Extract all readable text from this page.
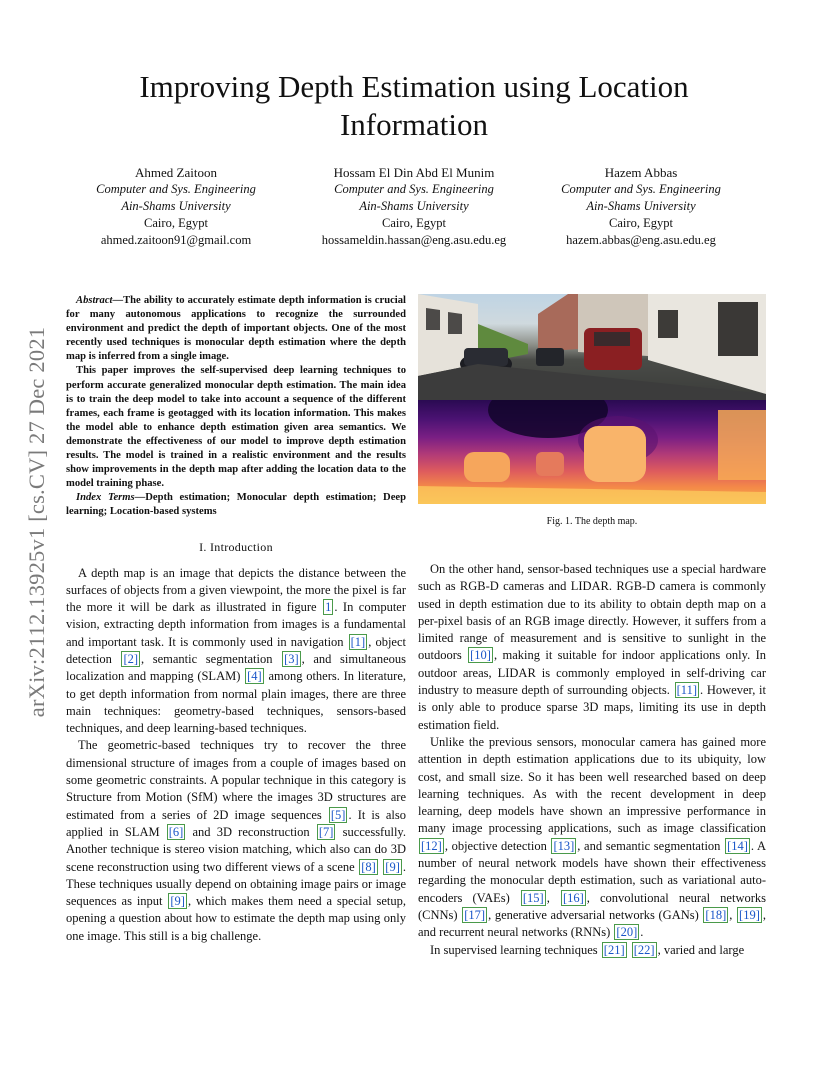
arXiv:2112.13925v1 [cs.CV] 27 Dec 2021
Improving Depth Estimation using Location Information
Ahmed Zaitoon
Computer and Sys. Engineering
Ain-Shams University
Cairo, Egypt
ahmed.zaitoon91@gmail.com
Hossam El Din Abd El Munim
Computer and Sys. Engineering
Ain-Shams University
Cairo, Egypt
hossameldin.hassan@eng.asu.edu.eg
Hazem Abbas
Computer and Sys. Engineering
Ain-Shams University
Cairo, Egypt
hazem.abbas@eng.asu.edu.eg

Abstract—The ability to accurately estimate depth information is crucial for many autonomous applications to recognize the surrounded environment and predict the depth of important objects. One of the most recently used techniques is monocular depth estimation where the depth map is inferred from a single image.

This paper improves the self-supervised deep learning techniques to perform accurate generalized monocular depth estimation. The main idea is to train the deep model to take into account a sequence of the different frames, each frame is geotagged with its location information. This makes the model able to enhance depth estimation given area semantics. We demonstrate the effectiveness of our model to improve depth estimation results. The model is trained in a realistic environment and the results show improvements in the depth map after adding the location data to the model training phase.

Index Terms—Depth estimation; Monocular depth estimation; Deep learning; Location-based systems

I. Introduction

A depth map is an image that depicts the distance between the surfaces of objects from a given viewpoint, the more the pixel is far the more it will be dark as illustrated in figure 1 . In computer vision, extracting depth information from images is a fundamental and important task. It is commonly used in navigation [1] , object detection [2] , semantic segmentation [3] , and simultaneous localization and mapping (SLAM) [4] among others. In literature, to get depth information from normal plain images, there are three main techniques: geometry-based techniques, sensors-based techniques, and deep learning-based techniques.

The geometric-based techniques try to recover the three dimensional structure of images from a couple of images based on some geometric constraints. A popular technique in this category is Structure from Motion (SfM) where the images 3D structures are estimated from a series of 2D image sequences [5] . It is also applied in SLAM [6] and 3D reconstruction [7] successfully. Another technique is stereo vision matching, which also can do 3D scene reconstruction using two different views of a scene [8] [9] . These techniques usually depend on obtaining image pairs or image sequences as input [9] , which makes them need a special setup, opening a question about how to estimate the depth map using only one image. This still is a big challenge.

Fig. 1. The depth map.

On the other hand, sensor-based techniques use a special hardware such as RGB-D cameras and LIDAR. RGB-D camera is commonly used in depth estimation due to its ability to obtain depth map on a per-pixel basis of an RGB image directly. However, it suffers from a limited range of measurement and is sensitive to sunlight in the outdoors [10] , making it suitable for indoor applications only. In outdoor areas, LIDAR is commonly employed in self-driving car industry to measure depth of surrounding objects. [11] . However, it is only able to produce sparse 3D maps, limiting its use in depth estimation field.

Unlike the previous sensors, monocular camera has gained more attention in depth estimation applications due to its ubiquity, low cost, and small size. So it has been well researched based on deep learning techniques. As with the recent development in deep learning, deep models have shown an impressive performance in many image processing applications, such as image classification [12] , objective detection [13] , and semantic segmentation [14] . A number of neural network models have shown their effectiveness regarding the monocular depth estimation, such as variational auto-encoders (VAEs) [15] , [16] , convolutional neural networks (CNNs) [17] , generative adversarial networks (GANs) [18] , [19] , and recurrent neural networks (RNNs) [20] .

In supervised learning techniques [21] [22] , varied and large
